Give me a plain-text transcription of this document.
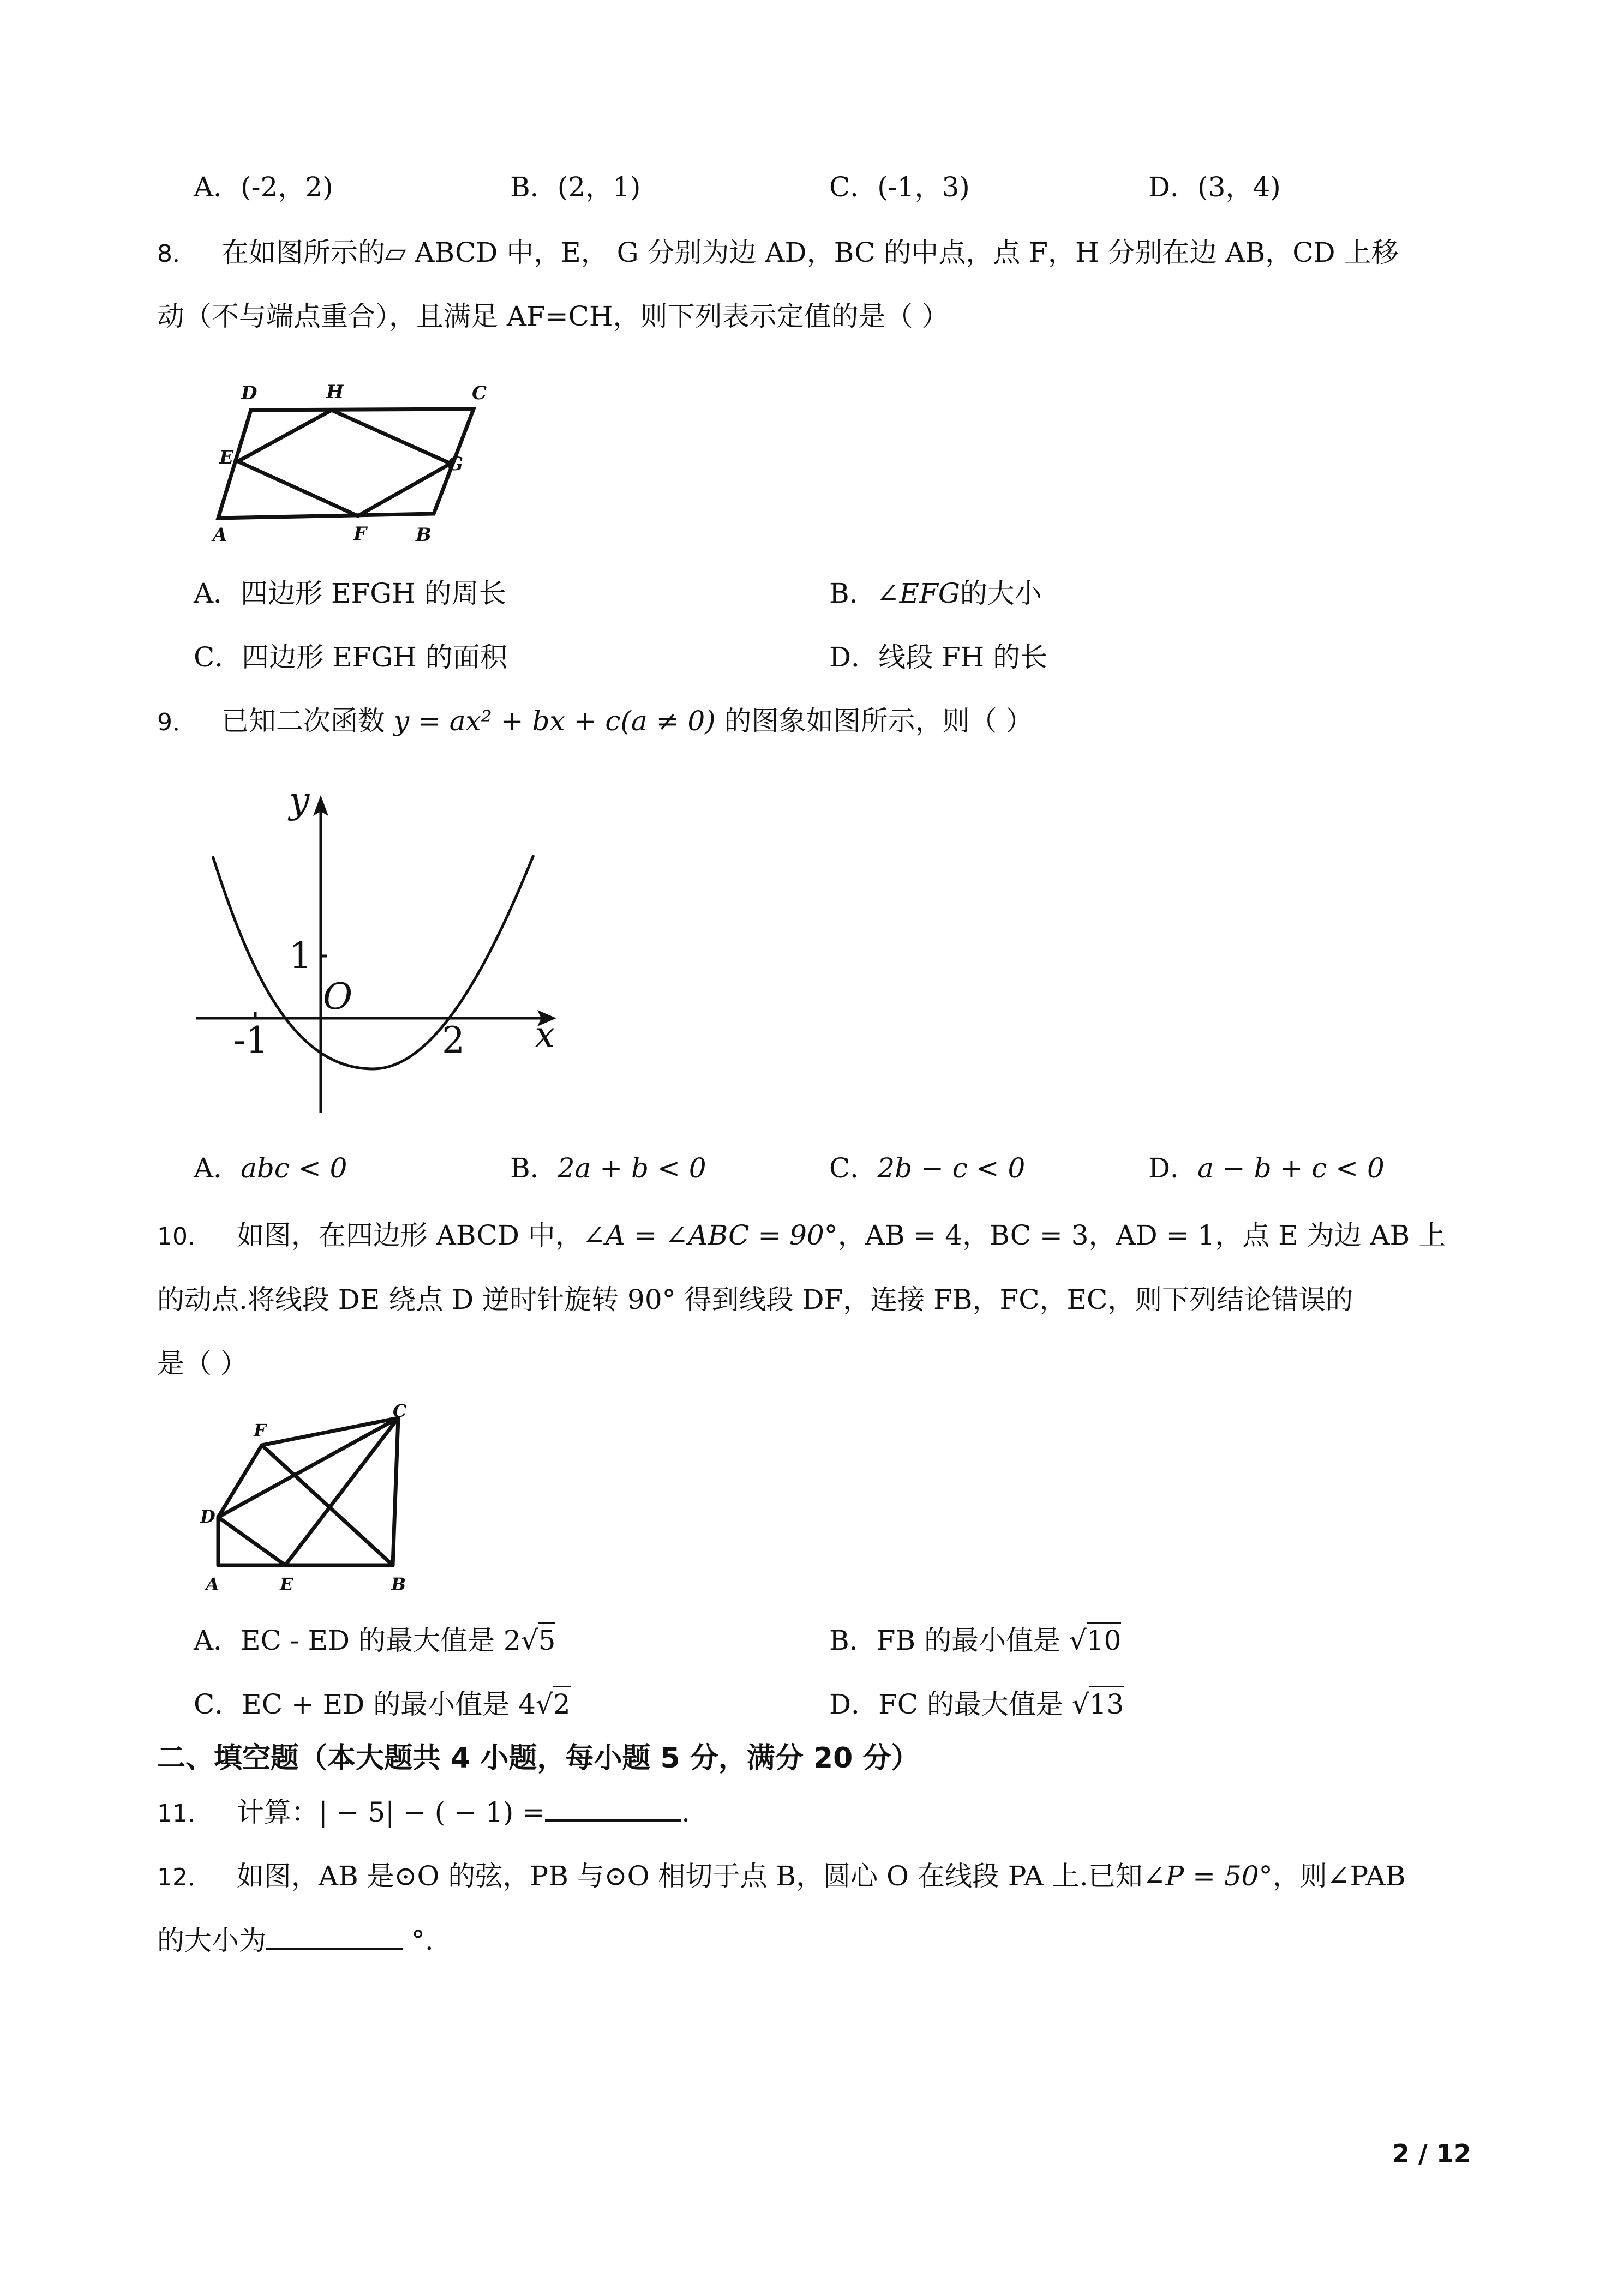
A．(-2，2)	B．(2，1)	C．(-1，3)	D．(3，4)
8． 在如图所示的▱ ABCD 中，E， G 分别为边 AD，BC 的中点，点 F，H 分别在边 AB，CD 上移
动（不与端点重合），且满足 AF=CH，则下列表示定值的是（ ）
D	H	C
E	G
A	F	B
A．四边形 EFGH 的周长	B．∠EFG的大小
C．四边形 EFGH 的面积	D．线段 FH 的长
9． 已知二次函数 y = ax² + bx + c(a ≠ 0) 的图象如图所示，则（ ）
y
x
O
1
-1	2
A．abc < 0	B．2a + b < 0	C．2b − c < 0	D．a − b + c < 0
10． 如图，在四边形 ABCD 中，∠A = ∠ABC = 90°，AB = 4，BC = 3，AD = 1，点 E 为边 AB 上
的动点.将线段 DE 绕点 D 逆时针旋转 90° 得到线段 DF，连接 FB，FC，EC，则下列结论错误的
是（ ）
F
C
D
A	E	B
A．EC - ED 的最大值是 2√5	B．FB 的最小值是 √10
C．EC + ED 的最小值是 4√2	D．FC 的最大值是 √13
二、填空题（本大题共 4 小题，每小题 5 分，满分 20 分）
11． 计算：| − 5| − ( − 1) =	.
12． 如图，AB 是⊙O 的弦，PB 与⊙O 相切于点 B，圆心 O 在线段 PA 上.已知∠P = 50°，则∠PAB
的大小为	°.
2 / 12
